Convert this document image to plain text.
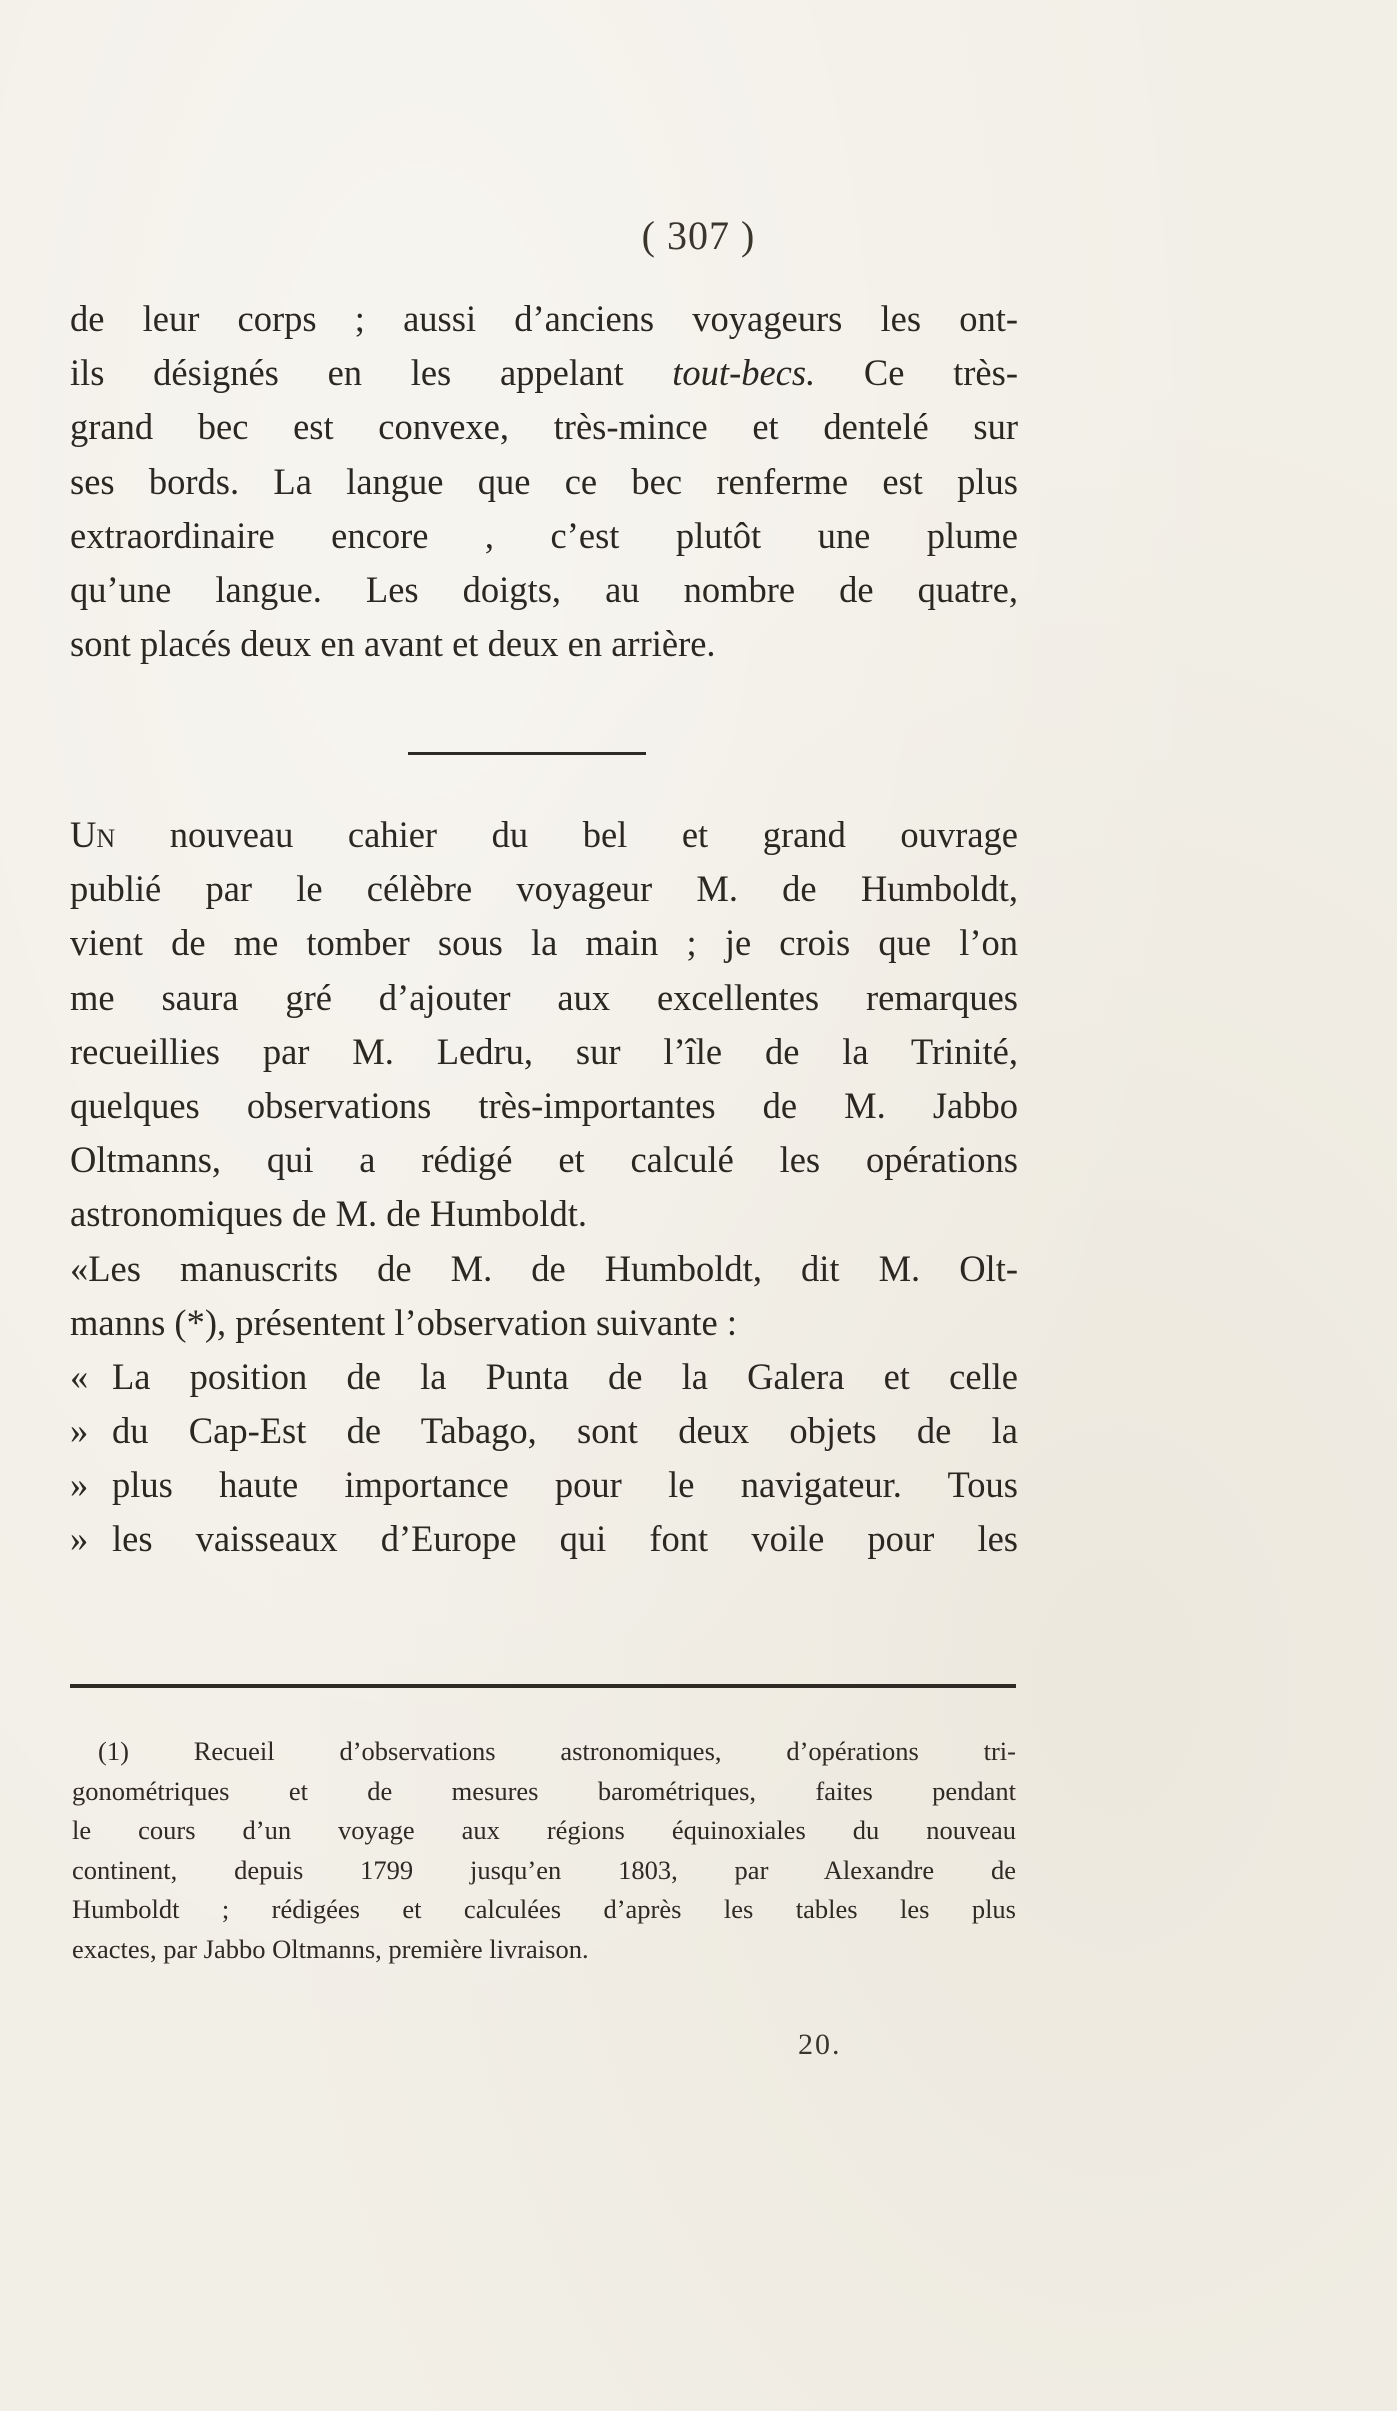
( 307 )
de leur corps ; aussi d’anciens voyageurs les ont-
ils désignés en les appelant tout-becs. Ce très-
grand bec est convexe, très-mince et dentelé sur
ses bords. La langue que ce bec renferme est plus
extraordinaire encore , c’est plutôt une plume
qu’une langue. Les doigts, au nombre de quatre,
sont placés deux en avant et deux en arrière.
Un nouveau cahier du bel et grand ouvrage
publié par le célèbre voyageur M. de Humboldt,
vient de me tomber sous la main ; je crois que l’on
me saura gré d’ajouter aux excellentes remarques
recueillies par M. Ledru, sur l’île de la Trinité,
quelques observations très-importantes de M. Jabbo
Oltmanns, qui a rédigé et calculé les opérations
astronomiques de M. de Humboldt.
«Les manuscrits de M. de Humboldt, dit M. Olt-
manns (*), présentent l’observation suivante :
« La position de la Punta de la Galera et celle
» du Cap-Est de Tabago, sont deux objets de la
» plus haute importance pour le navigateur. Tous
» les vaisseaux d’Europe qui font voile pour les
(1) Recueil d’observations astronomiques, d’opérations tri-
gonométriques et de mesures barométriques, faites pendant
le cours d’un voyage aux régions équinoxiales du nouveau
continent, depuis 1799 jusqu’en 1803, par Alexandre de
Humboldt ; rédigées et calculées d’après les tables les plus
exactes, par Jabbo Oltmanns, première livraison.
20.
